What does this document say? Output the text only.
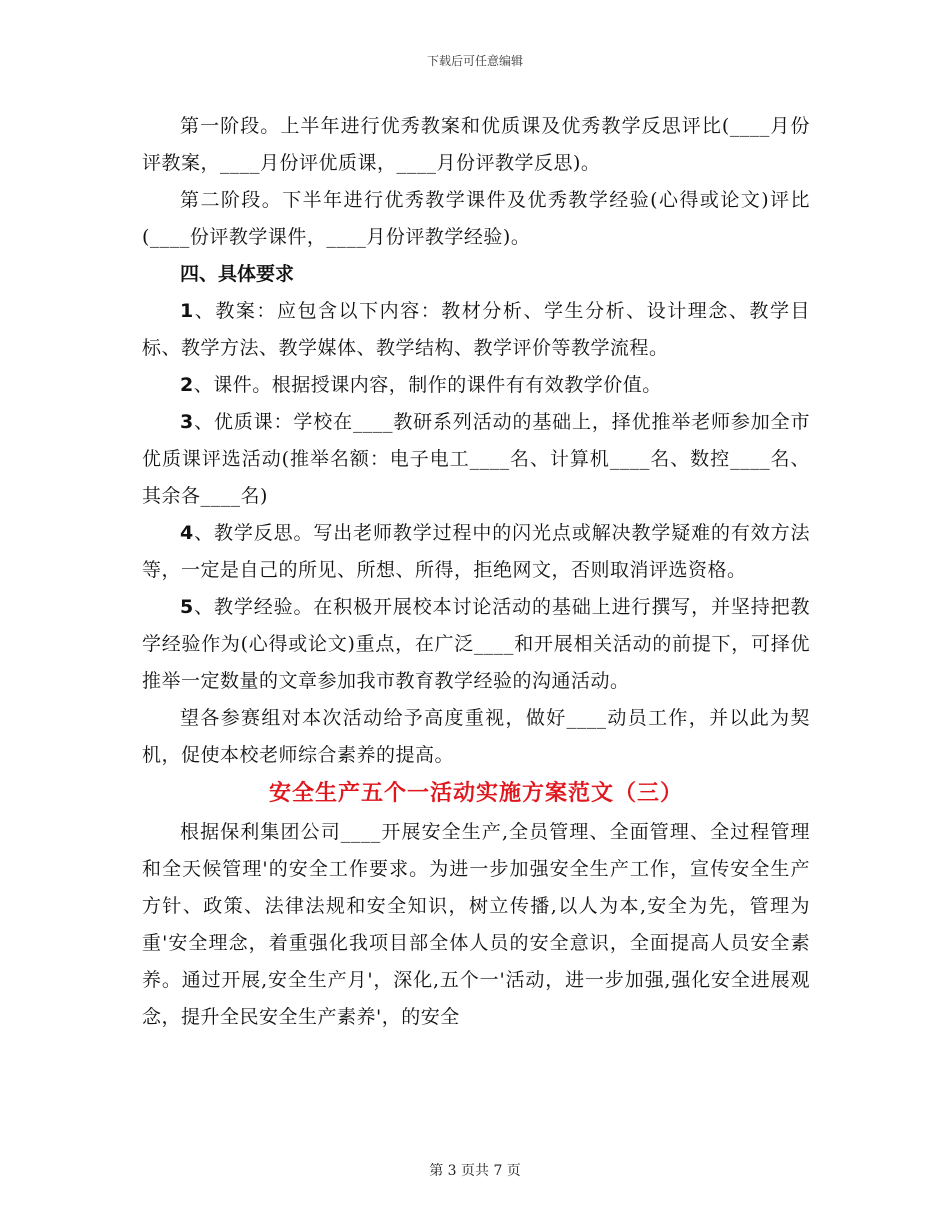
下载后可任意编辑

第一阶段。上半年进行优秀教案和优质课及优秀教学反思评比(____月份评教案，____月份评优质课，____月份评教学反思)。

第二阶段。下半年进行优秀教学课件及优秀教学经验(心得或论文)评比(____份评教学课件，____月份评教学经验)。

四、具体要求

1、教案：应包含以下内容：教材分析、学生分析、设计理念、教学目标、教学方法、教学媒体、教学结构、教学评价等教学流程。

2、课件。根据授课内容，制作的课件有有效教学价值。

3、优质课：学校在____教研系列活动的基础上，择优推举老师参加全市优质课评选活动(推举名额：电子电工____名、计算机____名、数控____名、其余各____名)

4、教学反思。写出老师教学过程中的闪光点或解决教学疑难的有效方法等，一定是自己的所见、所想、所得，拒绝网文，否则取消评选资格。

5、教学经验。在积极开展校本讨论活动的基础上进行撰写，并坚持把教学经验作为(心得或论文)重点，在广泛____和开展相关活动的前提下，可择优推举一定数量的文章参加我市教育教学经验的沟通活动。

望各参赛组对本次活动给予高度重视，做好____动员工作，并以此为契机，促使本校老师综合素养的提高。

安全生产五个一活动实施方案范文（三）

根据保利集团公司____开展安全生产,全员管理、全面管理、全过程管理和全天候管理'的安全工作要求。为进一步加强安全生产工作，宣传安全生产方针、政策、法律法规和安全知识，树立传播,以人为本,安全为先，管理为重'安全理念，着重强化我项目部全体人员的安全意识，全面提高人员安全素养。通过开展,安全生产月'，深化,五个一'活动，进一步加强,强化安全进展观念，提升全民安全生产素养'，的安全

第 3 页共 7 页
